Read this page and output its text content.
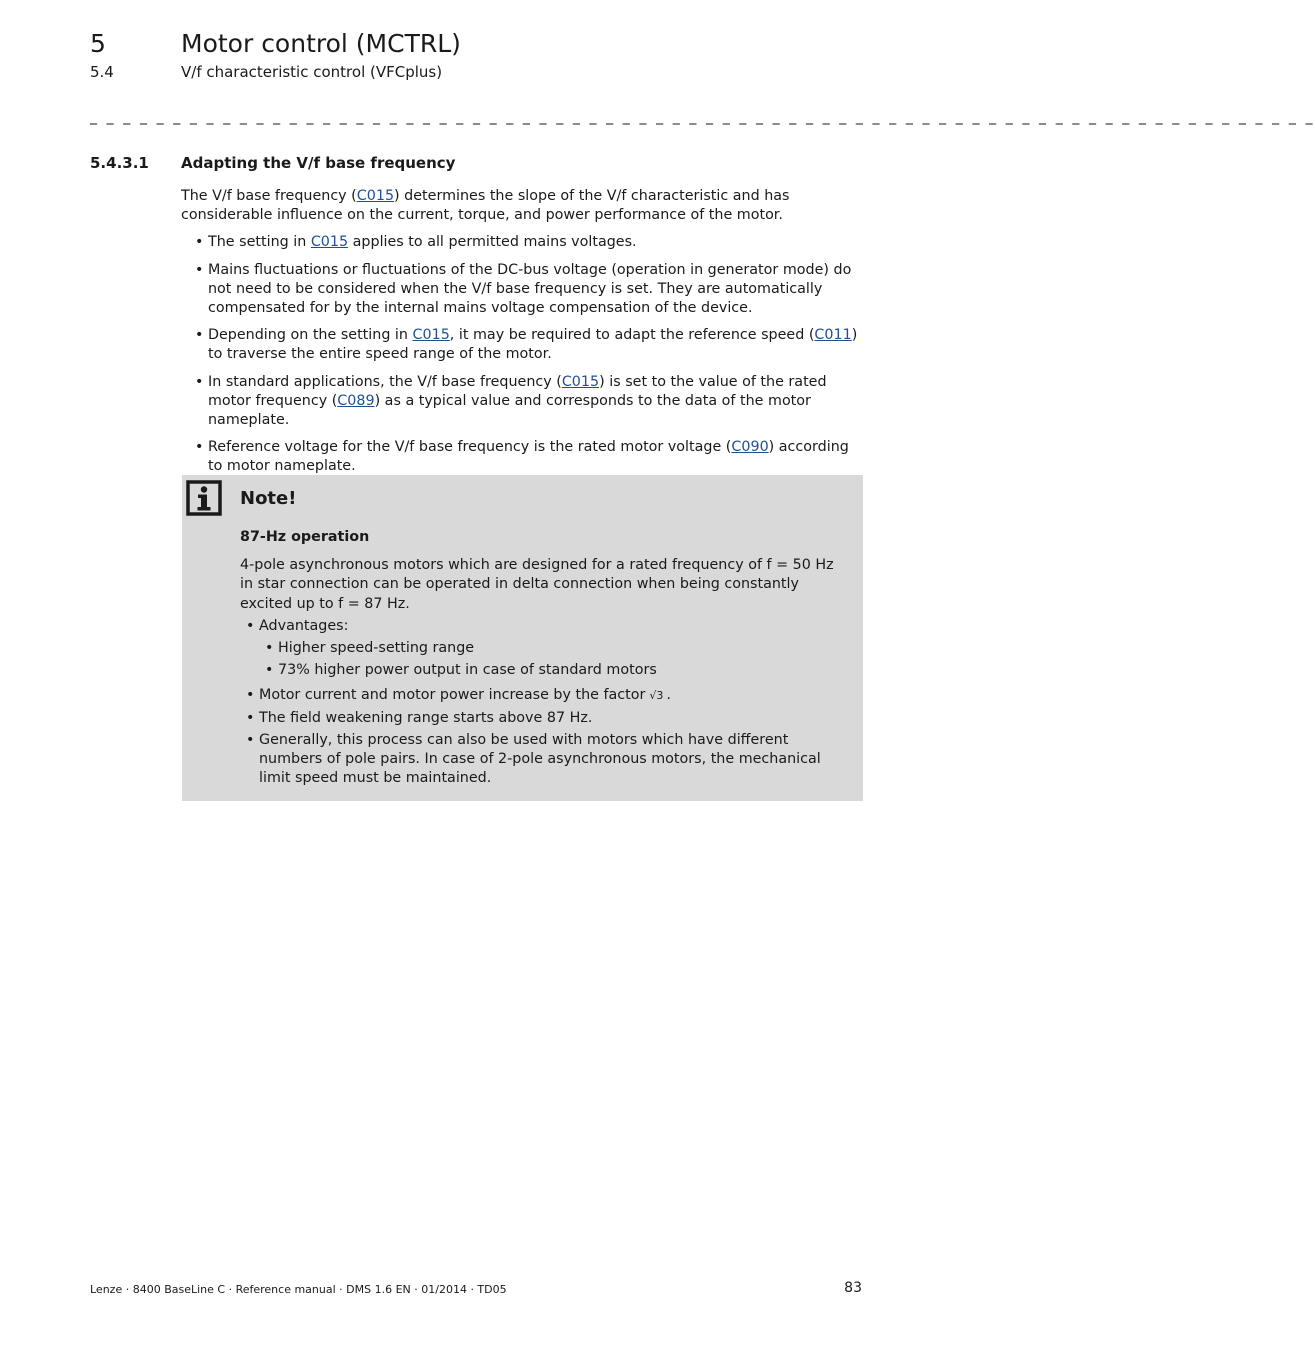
5	Motor control (MCTRL)
5.4	V/f characteristic control (VFCplus)
_ _ _ _ _ _ _ _ _ _ _ _ _ _ _ _ _ _ _ _ _ _ _ _ _ _ _ _ _ _ _ _ _ _ _ _ _ _ _ _ _ _ _ _ _ _ _ _ _ _ _ _ _ _ _ _ _ _ _ _ _ _ _ _ _ _ _ _ _ _ _ _ _ _
5.4.3.1 Adapting the V/f base frequency

The V/f base frequency (C015) determines the slope of the V/f characteristic and has considerable influence on the current, torque, and power performance of the motor.

• The setting in C015 applies to all permitted mains voltages.
• Mains fluctuations or fluctuations of the DC-bus voltage (operation in generator mode) do not need to be considered when the V/f base frequency is set. They are automatically compensated for by the internal mains voltage compensation of the device.
• Depending on the setting in C015, it may be required to adapt the reference speed (C011) to traverse the entire speed range of the motor.
• In standard applications, the V/f base frequency (C015) is set to the value of the rated motor frequency (C089) as a typical value and corresponds to the data of the motor nameplate.
• Reference voltage for the V/f base frequency is the rated motor voltage (C090) according to motor nameplate.
Note!

87-Hz operation

4-pole asynchronous motors which are designed for a rated frequency of f = 50 Hz in star connection can be operated in delta connection when being constantly excited up to f = 87 Hz.

• Advantages:
• Higher speed-setting range
• 73% higher power output in case of standard motors
• Motor current and motor power increase by the factor √3 .
• The field weakening range starts above 87 Hz.
• Generally, this process can also be used with motors which have different numbers of pole pairs. In case of 2-pole asynchronous motors, the mechanical limit speed must be maintained.
Lenze · 8400 BaseLine C · Reference manual · DMS 1.6 EN · 01/2014 · TD05	83
